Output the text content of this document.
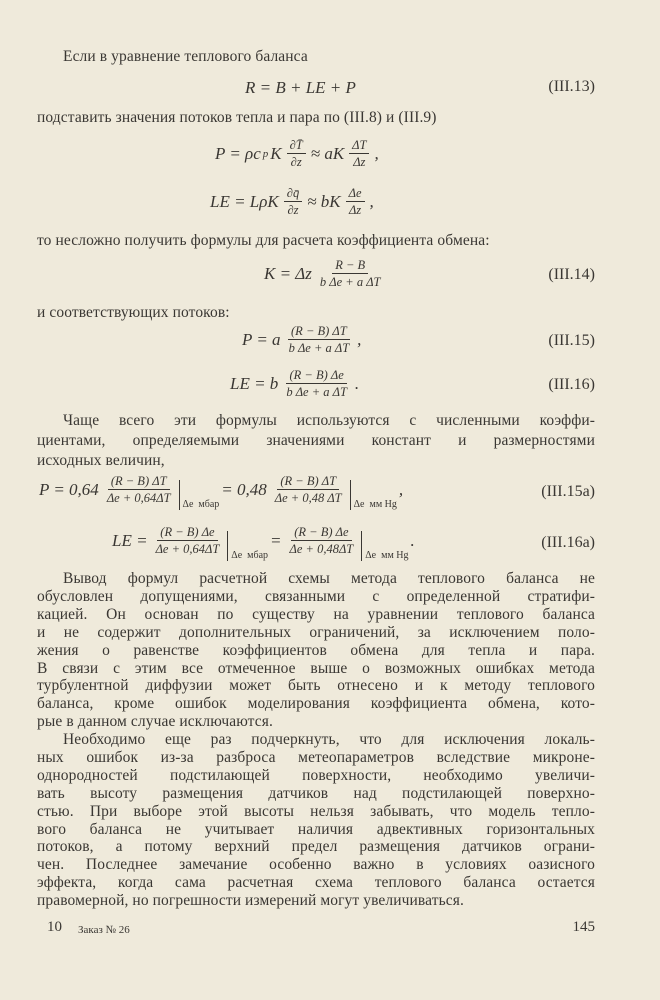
Если в уравнение теплового баланса
подставить значения потоков тепла и пара по (III.8) и (III.9)
то несложно получить формулы для расчета коэффициента обмена:
и соответствующих потоков:
Чаще всего эти формулы используются с численными коэффи-
циентами, определяемыми значениями констант и размерностями
исходных величин,
Вывод формул расчетной схемы метода теплового баланса не
обусловлен допущениями, связанными с определенной стратифи-
кацией. Он основан по существу на уравнении теплового баланса
и не содержит дополнительных ограничений, за исключением поло-
жения о равенстве коэффициентов обмена для тепла и пара.
В связи с этим все отмеченное выше о возможных ошибках метода
турбулентной диффузии может быть отнесено и к методу теплового
баланса, кроме ошибок моделирования коэффициента обмена, кото-
рые в данном случае исключаются.
Необходимо еще раз подчеркнуть, что для исключения локаль-
ных ошибок из-за разброса метеопараметров вследствие микроне-
однородностей подстилающей поверхности, необходимо увеличи-
вать высоту размещения датчиков над подстилающей поверхно-
стью. При выборе этой высоты нельзя забывать, что модель тепло-
вого баланса не учитывает наличия адвективных горизонтальных
потоков, а потому верхний предел размещения датчиков ограни-
чен. Последнее замечание особенно важно в условиях оазисного
эффекта, когда сама расчетная схема теплового баланса остается
правомерной, но погрешности измерений могут увеличиваться.
R = B + LE + P	(III.13)
P = ρc p K $\frac{\partial T̄}{\partial z}$ ≈ aK $\frac{\Delta T}{\Delta z}$ ,
LE = LρK $\frac{\partial q̄}{\partial z}$ ≈ bK $\frac{\Delta e}{\Delta z}$ ,
K = Δz $\frac{R - B}{\text{b Δe + a ΔT}}$	(III.14)
P = a $\frac{(R - B) \Delta T}{\text{b Δe + a ΔT}}$ ,	(III.15)
LE = b $\frac{(R - B) \Delta e}{\text{b Δe + a ΔT}}$ .	(III.16)
$P = 0,64 \frac{(R - B) \Delta T}{\Delta e + 0,64\Delta T}$ Δe  мбар
= $0,48 \frac{(R - B) \Delta T}{\Delta e + 0,48 \Delta T}$ Δe  мм Hg
,	(III.15a)
LE = $\frac{(R - B) \Delta e}{\Delta e + 0,64\Delta T}$ Δe  мбар
= $\frac{(R - B) \Delta e}{\Delta e + 0,48\Delta T}$ Δe  мм Hg
.	(III.16a)
10 Заказ № 26	145
